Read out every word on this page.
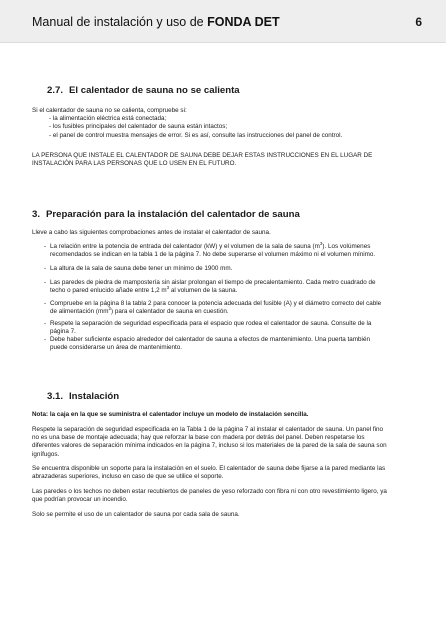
Manual de instalación y uso de FONDA DET	6
2.7. El calentador de sauna no se calienta
Si el calentador de sauna no se calienta, compruebe si:
- la alimentación eléctrica está conectada;
- los fusibles principales del calentador de sauna están intactos;
- el panel de control muestra mensajes de error. Si es así, consulte las instrucciones del panel de control.
LA PERSONA QUE INSTALE EL CALENTADOR DE SAUNA DEBE DEJAR ESTAS INSTRUCCIONES EN EL LUGAR DE
INSTALACIÓN PARA LAS PERSONAS QUE LO USEN EN EL FUTURO.
3. Preparación para la instalación del calentador de sauna
Lleve a cabo las siguientes comprobaciones antes de instalar el calentador de sauna.
- La relación entre la potencia de entrada del calentador (kW) y el volumen de la sala de sauna $(m^3)$. Los volúmenes
recomendados se indican en la tabla 1 de la página 7. No debe superarse el volumen máximo ni el volumen mínimo.
- La altura de la sala de sauna debe tener un mínimo de 1900 mm.
- Las paredes de piedra de mampostería sin aislar prolongan el tiempo de precalentamiento. Cada metro cuadrado de
techo o pared enlucido añade entre 1,2 $m^3$ al volumen de la sauna.
- Compruebe en la página 8 la tabla 2 para conocer la potencia adecuada del fusible (A) y el diámetro correcto del cable
de alimentación $(mm^2)$ para el calentador de sauna en cuestión.
- Respete la separación de seguridad especificada para el espacio que rodea el calentador de sauna. Consulte de la
página 7.
- Debe haber suficiente espacio alrededor del calentador de sauna a efectos de mantenimiento. Una puerta también
puede considerarse un área de mantenimiento.
3.1. Instalación
Nota: la caja en la que se suministra el calentador incluye un modelo de instalación sencilla.
Respete la separación de seguridad especificada en la Tabla 1 de la página 7 al instalar el calentador de sauna. Un panel fino
no es una base de montaje adecuada; hay que reforzar la base con madera por detrás del panel. Deben respetarse los
diferentes valores de separación mínima indicados en la página 7, incluso si los materiales de la pared de la sala de sauna son
ignífugos.
Se encuentra disponible un soporte para la instalación en el suelo. El calentador de sauna debe fijarse a la pared mediante las
abrazaderas superiores, incluso en caso de que se utilice el soporte.
Las paredes o los techos no deben estar recubiertos de paneles de yeso reforzado con fibra ni con otro revestimiento ligero, ya
que podrían provocar un incendio.
Solo se permite el uso de un calentador de sauna por cada sala de sauna.
